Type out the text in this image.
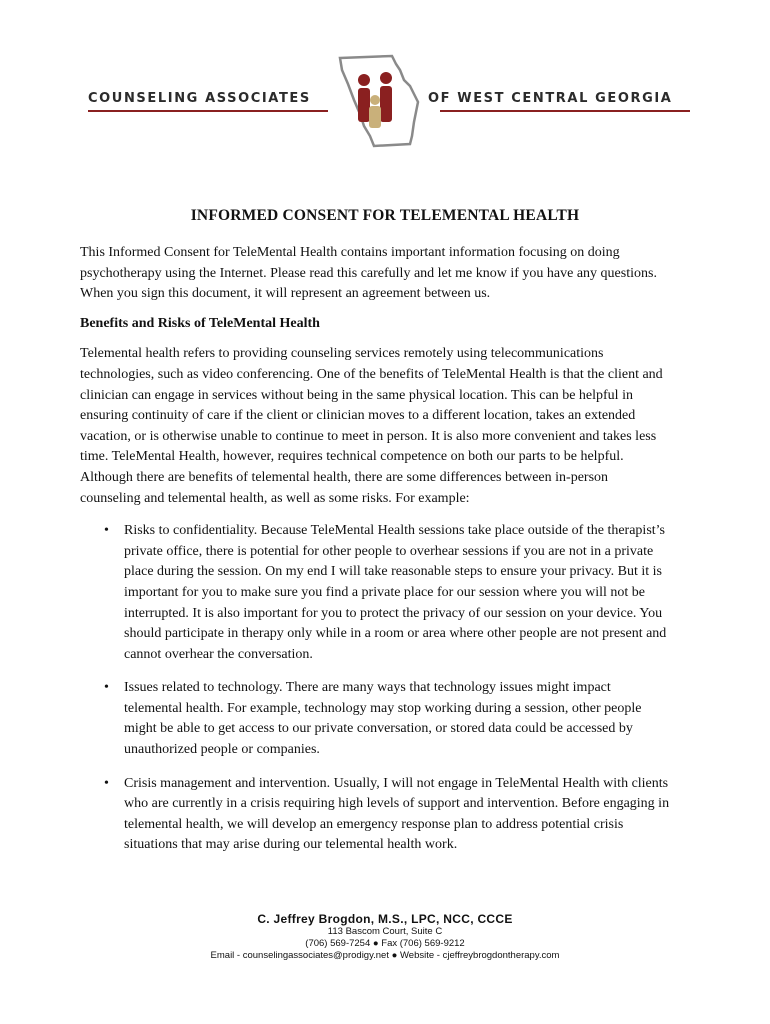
COUNSELING ASSOCIATES	OF WEST CENTRAL GEORGIA
INFORMED CONSENT FOR TELEMENTAL HEALTH

This Informed Consent for TeleMental Health contains important information focusing on doing psychotherapy using the Internet. Please read this carefully and let me know if you have any questions. When you sign this document, it will represent an agreement between us.

Benefits and Risks of TeleMental Health

Telemental health refers to providing counseling services remotely using telecommunications technologies, such as video conferencing. One of the benefits of TeleMental Health is that the client and clinician can engage in services without being in the same physical location. This can be helpful in ensuring continuity of care if the client or clinician moves to a different location, takes an extended vacation, or is otherwise unable to continue to meet in person. It is also more convenient and takes less time. TeleMental Health, however, requires technical competence on both our parts to be helpful. Although there are benefits of telemental health, there are some differences between in-person counseling and telemental health, as well as some risks. For example:

• Risks to confidentiality. Because TeleMental Health sessions take place outside of the therapist’s private office, there is potential for other people to overhear sessions if you are not in a private place during the session. On my end I will take reasonable steps to ensure your privacy. But it is important for you to make sure you find a private place for our session where you will not be interrupted. It is also important for you to protect the privacy of our session on your device. You should participate in therapy only while in a room or area where other people are not present and cannot overhear the conversation.
• Issues related to technology. There are many ways that technology issues might impact telemental health. For example, technology may stop working during a session, other people might be able to get access to our private conversation, or stored data could be accessed by unauthorized people or companies.
• Crisis management and intervention. Usually, I will not engage in TeleMental Health with clients who are currently in a crisis requiring high levels of support and intervention. Before engaging in telemental health, we will develop an emergency response plan to address potential crisis situations that may arise during our telemental health work.
C. Jeffrey Brogdon, M.S., LPC, NCC, CCCE
113 Bascom Court, Suite C
(706) 569-7254 ● Fax (706) 569-9212
Email - counselingassociates@prodigy.net ● Website - cjeffreybrogdontherapy.com
